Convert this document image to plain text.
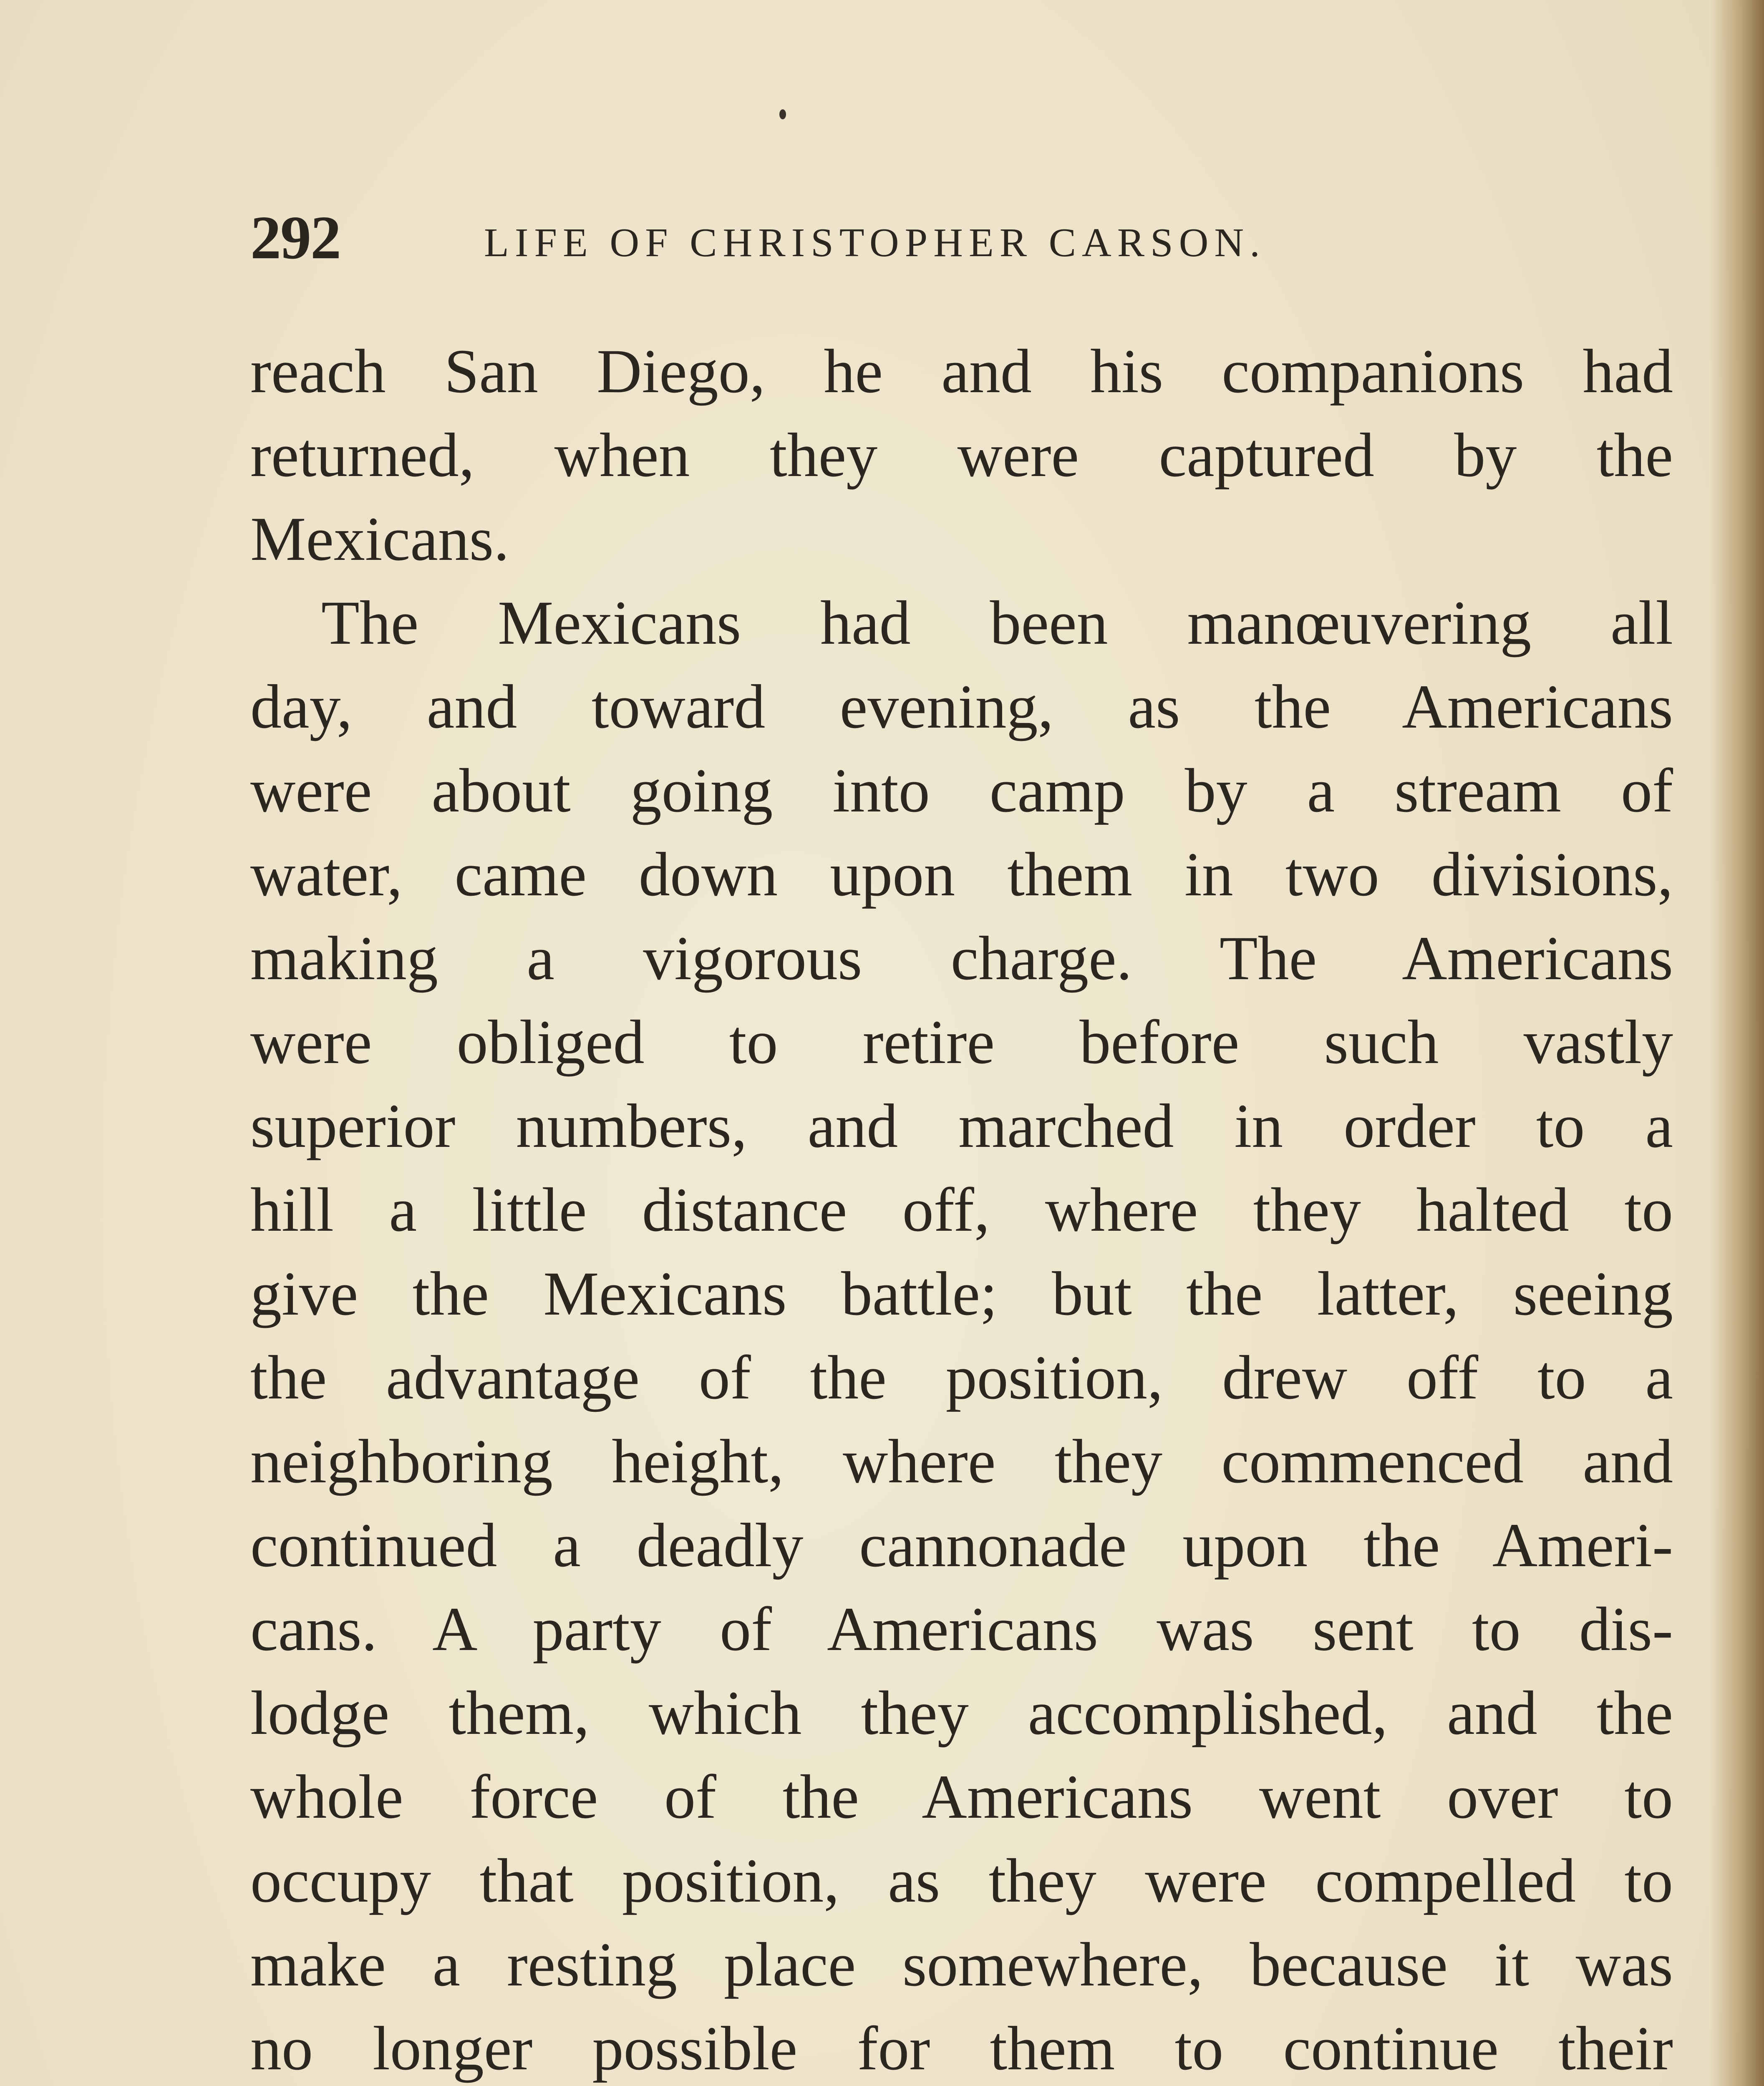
292	LIFE OF CHRISTOPHER CARSON.
reach San Diego, he and his companions had
returned, when they were captured by the
Mexicans.
The Mexicans had been manœuvering all
day, and toward evening, as the Americans
were about going into camp by a stream of
water, came down upon them in two divisions,
making a vigorous charge. The Americans
were obliged to retire before such vastly
superior numbers, and marched in order to a
hill a little distance off, where they halted to
give the Mexicans battle; but the latter, seeing
the advantage of the position, drew off to a
neighboring height, where they commenced and
continued a deadly cannonade upon the Ameri-
cans. A party of Americans was sent to dis-
lodge them, which they accomplished, and the
whole force of the Americans went over to
occupy that position, as they were compelled to
make a resting place somewhere, because it was
no longer possible for them to continue their
